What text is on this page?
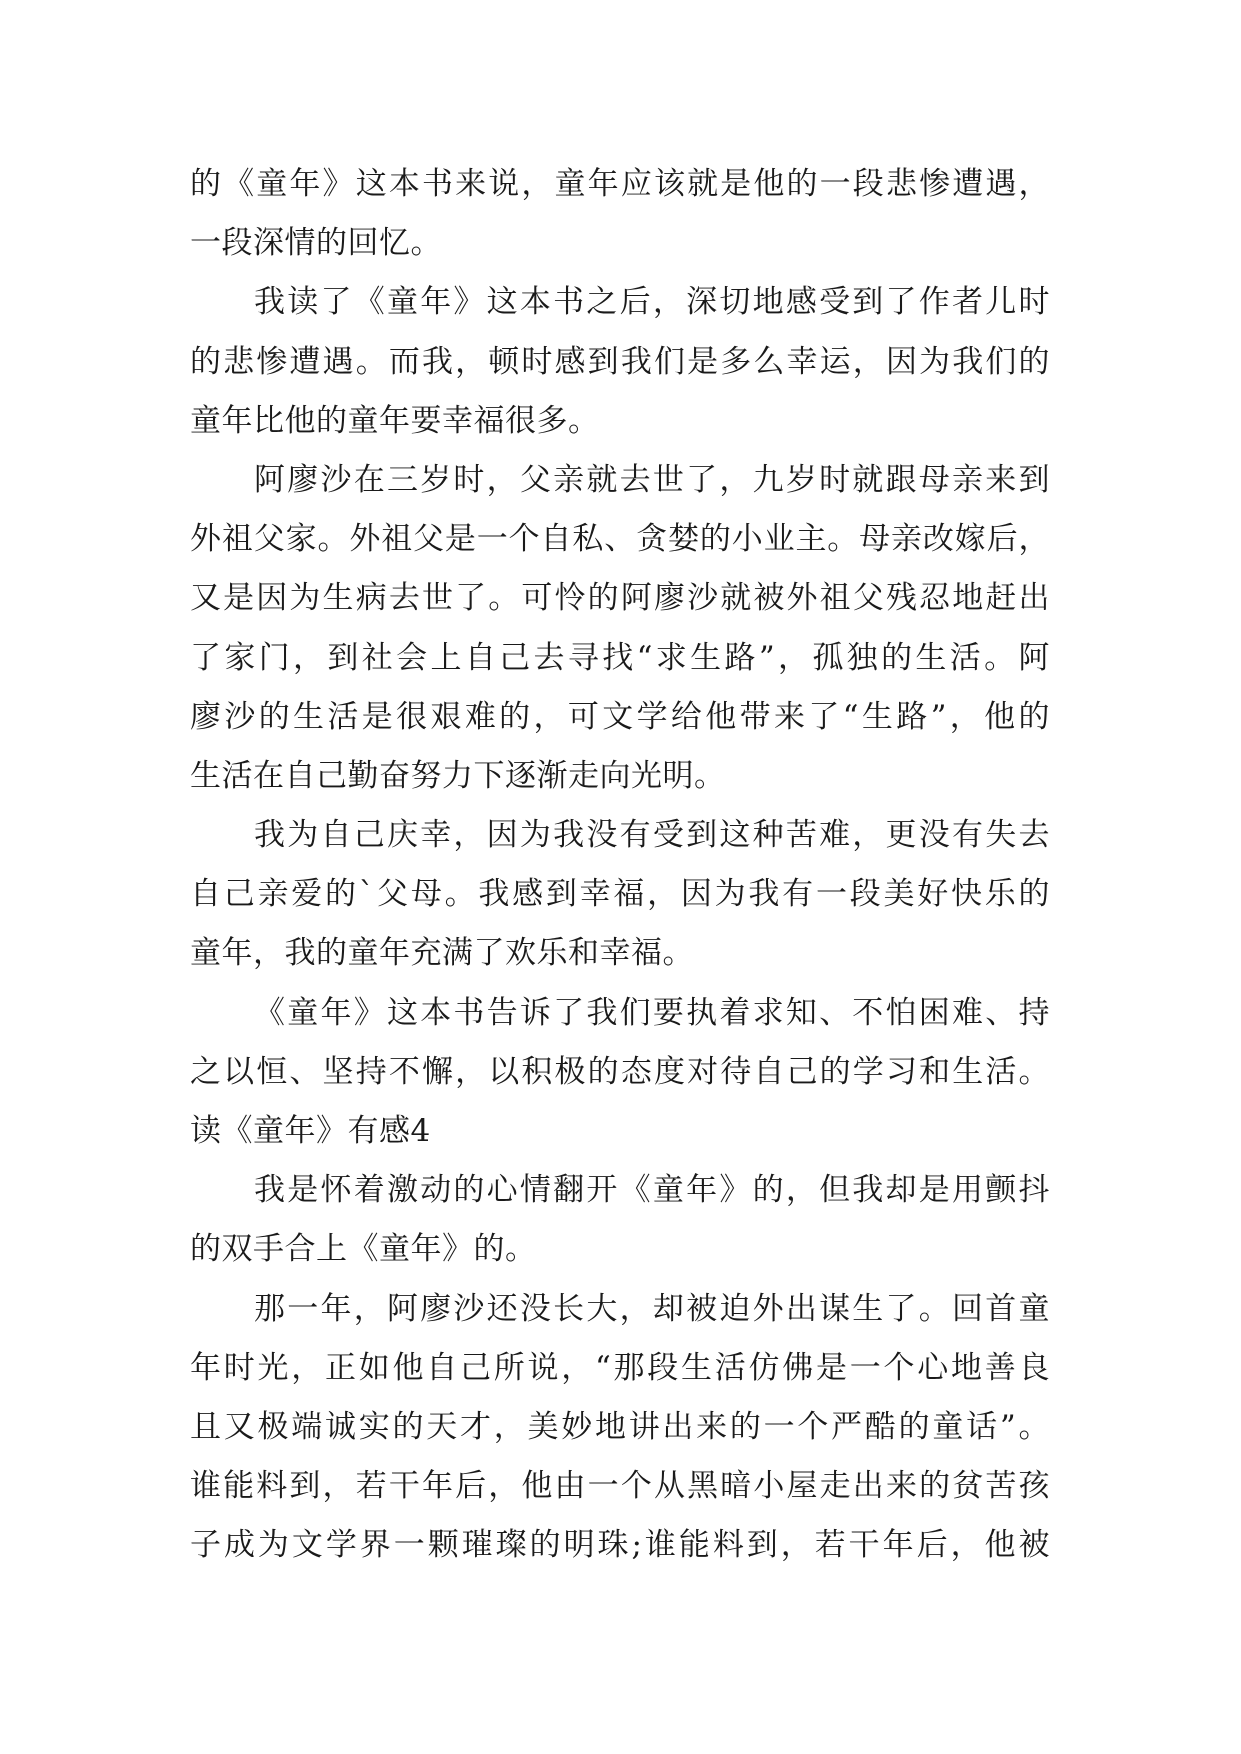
的《童年》这本书来说，童年应该就是他的一段悲惨遭遇，
一段深情的回忆。
我读了《童年》这本书之后，深切地感受到了作者儿时
的悲惨遭遇。而我，顿时感到我们是多么幸运，因为我们的
童年比他的童年要幸福很多。
阿廖沙在三岁时，父亲就去世了，九岁时就跟母亲来到
外祖父家。外祖父是一个自私、贪婪的小业主。母亲改嫁后，
又是因为生病去世了。可怜的阿廖沙就被外祖父残忍地赶出
了家门，到社会上自己去寻找“求生路”，孤独的生活。阿
廖沙的生活是很艰难的，可文学给他带来了“生路”，他的
生活在自己勤奋努力下逐渐走向光明。
我为自己庆幸，因为我没有受到这种苦难，更没有失去
自己亲爱的`父母。我感到幸福，因为我有一段美好快乐的
童年，我的童年充满了欢乐和幸福。
《童年》这本书告诉了我们要执着求知、不怕困难、持
之以恒、坚持不懈，以积极的态度对待自己的学习和生活。
读《童年》有感4
我是怀着激动的心情翻开《童年》的，但我却是用颤抖
的双手合上《童年》的。
那一年，阿廖沙还没长大，却被迫外出谋生了。回首童
年时光，正如他自己所说，“那段生活仿佛是一个心地善良
且又极端诚实的天才，美妙地讲出来的一个严酷的童话”。
谁能料到，若干年后，他由一个从黑暗小屋走出来的贫苦孩
子成为文学界一颗璀璨的明珠;谁能料到，若干年后，他被
